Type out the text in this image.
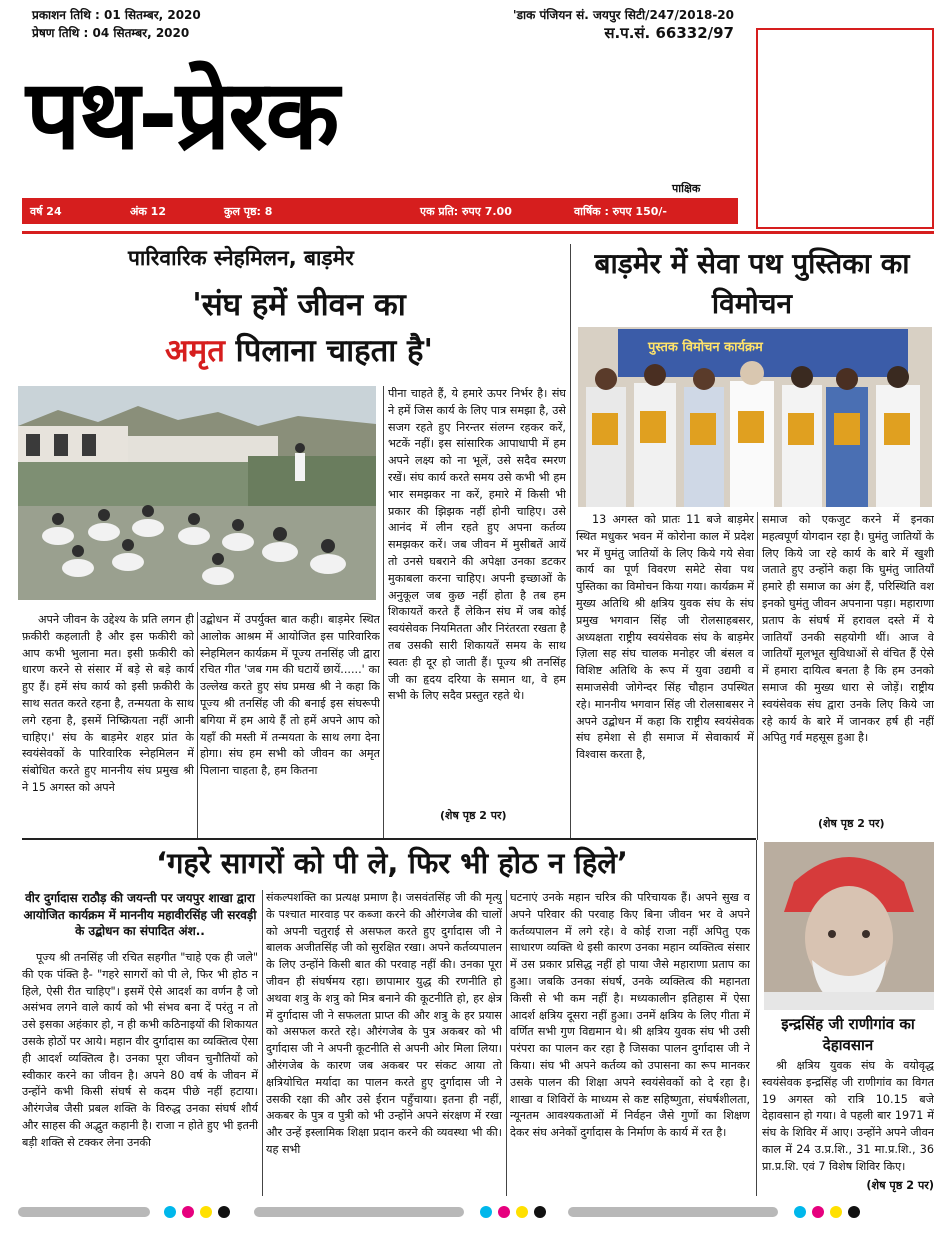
प्रकाशन तिथि : 01 सितम्बर, 2020
प्रेषण तिथि : 04 सितम्बर, 2020
'डाक पंजियन सं. जयपुर सिटी/247/2018-20
स.प.सं. 66332/97
पथ-प्रेरक
पाक्षिक
वर्ष 24	अंक 12	कुल पृष्ठ: 8	एक प्रति: रुपए 7.00	वार्षिक : रुपए 150/-
पारिवारिक स्नेहमिलन, बाड़मेर
'संघ हमें जीवन का
अमृत पिलाना चाहता है'
अपने जीवन के उद्देश्य के प्रति लगन ही फ़कीरी कहलाती है और इस फकीरी को आप कभी भुलाना मत। इसी फ़कीरी को धारण करने से संसार में बड़े से बड़े कार्य हुए हैं। हमें संघ कार्य को इसी फ़कीरी के साथ सतत करते रहना है, तन्मयता के साथ लगे रहना है, इसमें निष्क्रियता नहीं आनी चाहिए।' संघ के बाड़मेर शहर प्रांत के स्वयंसेवकों के पारिवारिक स्नेहमिलन में संबोधित करते हुए माननीय संघ प्रमुख श्री ने 15 अगस्त को अपने
उद्बोधन में उपर्युक्त बात कही। बाड़मेर स्थित आलोक आश्रम में आयोजित इस पारिवारिक स्नेहमिलन कार्यक्रम में पूज्य तनसिंह जी द्वारा रचित गीत 'जब गम की घटायें छायें......' का उल्लेख करते हुए संघ प्रमख श्री ने कहा कि पूज्य श्री तनसिंह जी की बनाई इस संघरूपी बगिया में हम आये हैं तो हमें अपने आप को यहाँ की मस्ती में तन्मयता के साथ लगा देना होगा। संघ हम सभी को जीवन का अमृत पिलाना चाहता है, हम कितना
पीना चाहते हैं, ये हमारे ऊपर निर्भर है। संघ ने हमें जिस कार्य के लिए पात्र समझा है, उसे सजग रहते हुए निरन्तर संलग्न रहकर करें, भटकें नहीं। इस सांसारिक आपाधापी में हम अपने लक्ष्य को ना भूलें, उसे सदैव स्मरण रखें। संघ कार्य करते समय उसे कभी भी हम भार समझकर ना करें, हमारे में किसी भी प्रकार की झिझक नहीं होनी चाहिए। उसे आनंद में लीन रहते हुए अपना कर्तव्य समझकर करें। जब जीवन में मुसीबतें आयें तो उनसे घबराने की अपेक्षा उनका डटकर मुकाबला करना चाहिए। अपनी इच्छाओं के अनुकूल जब कुछ नहीं होता है तब हम शिकायतें करते हैं लेकिन संघ में जब कोई स्वयंसेवक नियमितता और निरंतरता रखता है तब उसकी सारी शिकायतें समय के साथ स्वतः ही दूर हो जाती हैं। पूज्य श्री तनसिंह जी का हृदय दरिया के समान था, वे हम सभी के लिए सदैव प्रस्तुत रहते थे।
(शेष पृष्ठ 2 पर)
बाड़मेर में सेवा पथ पुस्तिका का विमोचन
पुस्तक विमोचन कार्यक्रम
13 अगस्त को प्रातः 11 बजे बाड़मेर स्थित मधुकर भवन में कोरोना काल में प्रदेश भर में घुमंतु जातियों के लिए किये गये सेवा कार्य का पूर्ण विवरण समेटे सेवा पथ पुस्तिका का विमोचन किया गया। कार्यक्रम में मुख्य अतिथि श्री क्षत्रिय युवक संघ के संघ प्रमुख भगवान सिंह जी रोलसाहबसर, अध्यक्षता राष्ट्रीय स्वयंसेवक संघ के बाड़मेर ज़िला सह संघ चालक मनोहर जी बंसल व विशिष्ट अतिथि के रूप में युवा उद्यमी व समाजसेवी जोगेन्दर सिंह चौहान उपस्थित रहे। माननीय भगवान सिंह जी रोलसाबसर ने अपने उद्बोधन में कहा कि राष्ट्रीय स्वयंसेवक संघ हमेशा से ही समाज में सेवाकार्य में विश्वास करता है,
समाज को एकजुट करने में इनका महत्वपूर्ण योगदान रहा है। घुमंतु जातियों के लिए किये जा रहे कार्य के बारे में खुशी जताते हुए उन्होंने कहा कि घुमंतु जातियाँ हमारे ही समाज का अंग हैं, परिस्थिति वश इनको घुमंतु जीवन अपनाना पड़ा। महाराणा प्रताप के संघर्ष में हरावल दस्ते में ये जातियाँ उनकी सहयोगी थीं। आज वे जातियाँ मूलभूत सुविधाओं से वंचित हैं ऐसे में हमारा दायित्व बनता है कि हम उनको समाज की मुख्य धारा से जोड़ें। राष्ट्रीय स्वयंसेवक संघ द्वारा उनके लिए किये जा रहे कार्य के बारे में जानकर हर्ष ही नहीं अपितु गर्व महसूस हुआ है।
(शेष पृष्ठ 2 पर)
‘गहरे सागरों को पी ले, फिर भी होठ न हिले’
वीर दुर्गादास राठौड़ की जयन्ती पर जयपुर शाखा द्वारा आयोजित कार्यक्रम में माननीय महावीरसिंह जी सरवड़ी के उद्बोधन का संपादित अंश..
पूज्य श्री तनसिंह जी रचित सहगीत "चाहे एक ही जले" की एक पंक्ति है- "गहरे सागरों को पी ले, फिर भी होठ न हिले, ऐसी रीत चाहिए"। इसमें ऐसे आदर्श का वर्णन है जो असंभव लगने वाले कार्य को भी संभव बना दें परंतु न तो उसे इसका अहंकार हो, न ही कभी कठिनाइयों की शिकायत उसके होठों पर आये। महान वीर दुर्गादास का व्यक्तित्व ऐसा ही आदर्श व्यक्तित्व है। उनका पूरा जीवन चुनौतियों को स्वीकार करने का जीवन है। अपने 80 वर्ष के जीवन में उन्होंने कभी किसी संघर्ष से कदम पीछे नहीं हटाया। औरंगजेब जैसी प्रबल शक्ति के विरुद्ध उनका संघर्ष शौर्य और साहस की अद्भुत कहानी है। राजा न होते हुए भी इतनी बड़ी शक्ति से टक्कर लेना उनकी
संकल्पशक्ति का प्रत्यक्ष प्रमाण है। जसवंतसिंह जी की मृत्यु के पश्चात मारवाड़ पर कब्जा करने की औरंगजेब की चालों को अपनी चतुराई से असफल करते हुए दुर्गादास जी ने बालक अजीतसिंह जी को सुरक्षित रखा। अपने कर्तव्यपालन के लिए उन्होंने किसी बात की परवाह नहीं की। उनका पूरा जीवन ही संघर्षमय रहा। छापामार युद्ध की रणनीति हो अथवा शत्रु के शत्रु को मित्र बनाने की कूटनीति हो, हर क्षेत्र में दुर्गादास जी ने सफलता प्राप्त की और शत्रु के हर प्रयास को असफल करते रहे। औरंगजेब के पुत्र अकबर को भी दुर्गादास जी ने अपनी कूटनीति से अपनी ओर मिला लिया। औरंगजेब के कारण जब अकबर पर संकट आया तो क्षत्रियोचित मर्यादा का पालन करते हुए दुर्गादास जी ने उसकी रक्षा की और उसे ईरान पहुँचाया। इतना ही नहीं, अकबर के पुत्र व पुत्री को भी उन्होंने अपने संरक्षण में रखा और उन्हें इस्लामिक शिक्षा प्रदान करने की व्यवस्था भी की। यह सभी
घटनाएं उनके महान चरित्र की परिचायक हैं। अपने सुख व अपने परिवार की परवाह किए बिना जीवन भर वे अपने कर्तव्यपालन में लगे रहे। वे कोई राजा नहीं अपितु एक साधारण व्यक्ति थे इसी कारण उनका महान व्यक्तित्व संसार में उस प्रकार प्रसिद्ध नहीं हो पाया जैसे महाराणा प्रताप का हुआ। जबकि उनका संघर्ष, उनके व्यक्तित्व की महानता किसी से भी कम नहीं है। मध्यकालीन इतिहास में ऐसा आदर्श क्षत्रिय दूसरा नहीं हुआ। उनमें क्षत्रिय के लिए गीता में वर्णित सभी गुण विद्यमान थे। श्री क्षत्रिय युवक संघ भी उसी परंपरा का पालन कर रहा है जिसका पालन दुर्गादास जी ने किया। संघ भी अपने कर्तव्य को उपासना का रूप मानकर उसके पालन की शिक्षा अपने स्वयंसेवकों को दे रहा है। शाखा व शिविरों के माध्यम से कष्ट सहिष्णुता, संघर्षशीलता, न्यूनतम आवश्यकताओं में निर्वहन जैसे गुणों का शिक्षण देकर संघ अनेकों दुर्गादास के निर्माण के कार्य में रत है।
इन्द्रसिंह जी राणीगांव का देहावसान
श्री क्षत्रिय युवक संघ के वयोवृद्ध स्वयंसेवक इन्द्रसिंह जी राणीगांव का विगत 19 अगस्त को रात्रि 10.15 बजे देहावसान हो गया। वे पहली बार 1971 में संघ के शिविर में आए। उन्होंने अपने जीवन काल में 24 उ.प्र.शि., 31 मा.प्र.शि., 36 प्रा.प्र.शि. एवं 7 विशेष शिविर किए।
(शेष पृष्ठ 2 पर)
